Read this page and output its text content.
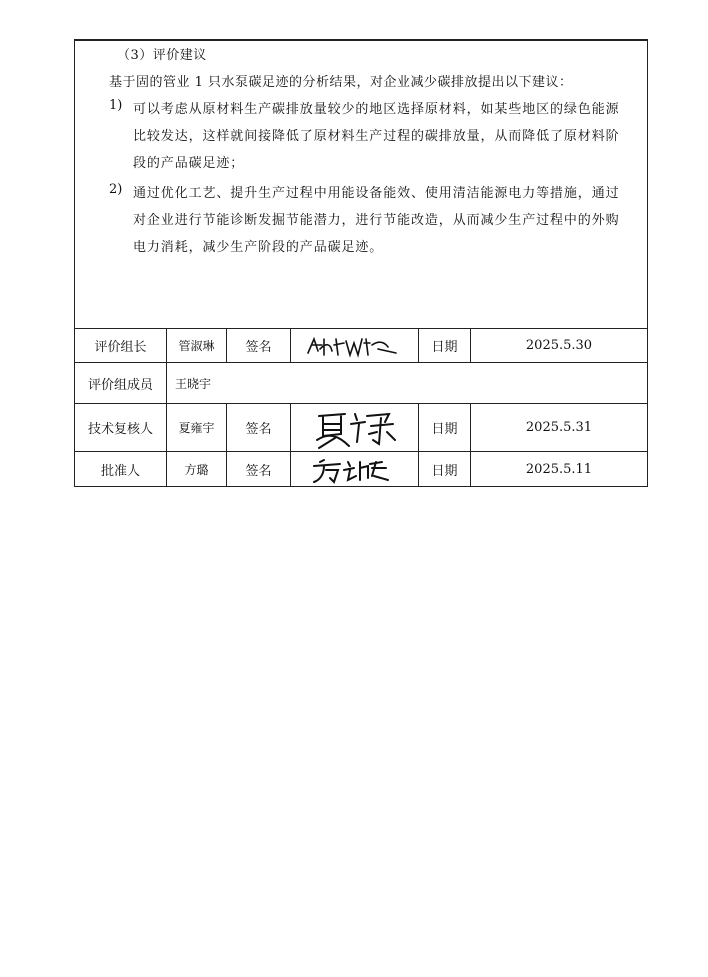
（3）评价建议
基于固的管业 1 只水泵碳足迹的分析结果，对企业减少碳排放提出以下建议：
1) 可以考虑从原材料生产碳排放量较少的地区选择原材料，如某些地区的绿色能源
比较发达，这样就间接降低了原材料生产过程的碳排放量，从而降低了原材料阶
段的产品碳足迹；
2) 通过优化工艺、提升生产过程中用能设备能效、使用清洁能源电力等措施，通过
对企业进行节能诊断发掘节能潜力，进行节能改造，从而减少生产过程中的外购
电力消耗，减少生产阶段的产品碳足迹。
评价组长	管淑琳	签名	日期	2025.5.30
评价组成员	王晓宇
技术复核人	夏雍宇	签名	日期	2025.5.31
批准人	方璐	签名	日期	2025.5.11
